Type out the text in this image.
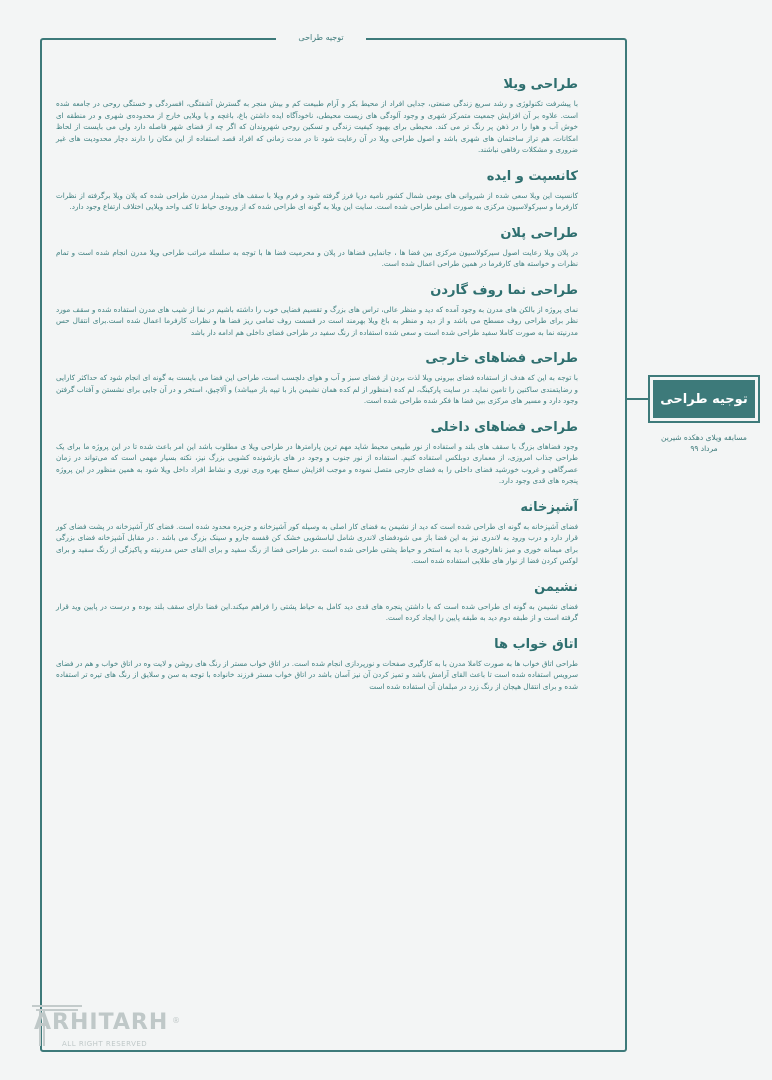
توجیه طراحی
طراحی ویلا

با پیشرفت تکنولوژی و رشد سریع زندگی صنعتی، جدایی افراد از محیط بکر و آرام طبیعت کم و بیش منجر به گسترش آشفتگی، افسردگی و خستگی روحی در جامعه شده است. علاوه بر آن افزایش جمعیت متمرکز شهری و وجود آلودگی های زیست محیطی، ناخودآگاه ایده داشتن باغ، باغچه و یا ویلایی خارج از محدوده‌ی شهری و در منطقه ‌ای خوش آب و هوا را در ذهن پر رنگ تر می کند. محیطی برای بهبود کیفیت زندگی و تسکین روحی شهروندان که اگر چه از فضای شهر فاصله دارد ولی می بایست از لحاظ امکانات، هم تراز ساختمان های شهری باشد و اصول طراحی ویلا در آن رعایت شود تا در مدت زمانی که افراد قصد استفاده از این مکان را دارند دچار محدودیت های غیر ضروری و مشکلات رفاهی نباشند.

کانسپت و ایده

کانسپت این ویلا سعی شده از شیروانی های بومی شمال کشور نامیه دریا فرز گرفته شود و فرم ویلا با سقف های شیبدار مدرن طراحی شده که پلان ویلا برگرفته از نظرات کارفرما و سیرکولاسیون مرکزی به صورت اصلی طراحی شده است. سایت این ویلا به گونه ای طراحی شده که از ورودی حیاط تا کف واحد ویلایی اختلاف ارتفاع وجود دارد.

طراحی پلان

در پلان ویلا رعایت اصول سیرکولاسیون مرکزی بین فضا ها ، جانمایی فضاها در پلان و محرمیت فضا ها با توجه به سلسله مراتب طراحی ویلا مدرن انجام شده است و تمام نظرات و خواسته های کارفرما در همین طراحی اعمال شده است.

طراحی نما روف گاردن

نمای پروژه از بالکن های مدرن به وجود آمده که دید و منظر عالی، تراس های بزرگ و تقسیم فضایی خوب را داشته باشیم در نما از شیب های مدرن استفاده شده و سقف مورد نظر برای طراحی روف مسطح می باشد و از دید و منظر به باغ ویلا بهرمند است در قسمت روف تمامی ریز فضا ها و نظرات کارفرما اعمال شده است.برای انتقال حس مدرنیته نما به صورت کاملا سفید طراحی شده است و سعی شده استفاده از رنگ سفید در طراحی فضای داخلی هم ادامه دار باشد

طراحی فضاهای خارجی

با توجه به این که هدف از استفاده فضای بیرونی ویلا لذت بردن از فضای سبز و آب و هوای دلچسب است، طراحی این فضا می بایست به گونه ای انجام شود که حداکثر کارایی و رضایتمندی ساکنین را تامین نماید. در سایت پارکینگ، لم کده (منظور از لم کده همان نشیمن باز با تیپه باز میباشد) و آلاچیق، استخر و در آن جایی برای نشستن و آفتاب گرفتن وجود دارد و مسیر های مرکزی بین فضا ها فکر شده طراحی شده است.

طراحی فضاهای داخلی

وجود فضاهای بزرگ با سقف های بلند و استفاده از نور طبیعی محیط شاید مهم ترین پارامترها در طراحی ویلا ی مطلوب باشد این امر باعث شده تا در این پروژه ما برای یک طراحی جذاب امروزی، از معماری دوبلکس استفاده کنیم. استفاده از نور جنوب و وجود در های بازشونده کشویی بزرگ نیز، نکته بسیار مهمی است که می‌تواند در زمان عصرگاهی و غروب خورشید فضای داخلی را به فضای خارجی متصل نموده و موجب افزایش سطح بهره وری نوری و نشاط افراد داخل ویلا شود به همین منظور در این پروژه پنجره های قدی وجود دارد.

آشپزخانه

فضای آشپزخانه به گونه ای طراحی شده است که دید از نشیمن به فضای کار اصلی به وسیله کور آشپزخانه و جزیره محدود شده است. فضای کار آشپزخانه در پشت فضای کور قرار دارد و درب ورود به لاندری نیز به این فضا باز می شودفضای لاندری شامل لباسشویی خشک کن قفسه جارو و سینک بزرگ می باشد . در مقابل آشپزخانه فضای بزرگی برای میمانه خوری و میز ناهارخوری با دید به استخر و حیاط پشتی طراحی شده است .در طراحی فضا از رنگ سفید و برای القای حس مدرنیته و پاکیزگی از رنگ سفید و برای لوکس کردن فضا از نوار های طلایی استفاده شده است.

نشیمن

فضای نشیمن به گونه ای طراحی شده است که با داشتن پنجره های قدی دید کامل به حیاط پشتی را فراهم میکند.این فضا دارای سقف بلند بوده و درست در پایین وید قرار گرفته است و از طبقه دوم دید به طبقه پایین را ایجاد کرده است.

اتاق خواب ها

طراحی اتاق خواب ها به صورت کاملا مدرن با به کارگیری صفحات و نورپردازی انجام شده است. در اتاق خواب مستر از رنگ های روشن و لایت وه در اتاق خواب و هم در فضای سرویس استفاده شده است تا باعث القای آرامش باشد و تمیز کردن آن نیز آسان باشد در اتاق خواب مستر فرزند خانواده با توجه به سن و سلایق از رنگ های تیره تر استفاده شده و برای انتقال هیجان از رنگ زرد در مبلمان آن استفاده شده است

توجیه طراحی
مسابقه ویلای دهکده شیرین
مرداد ۹۹
ARHITARH
ALL RIGHT RESERVED
®
